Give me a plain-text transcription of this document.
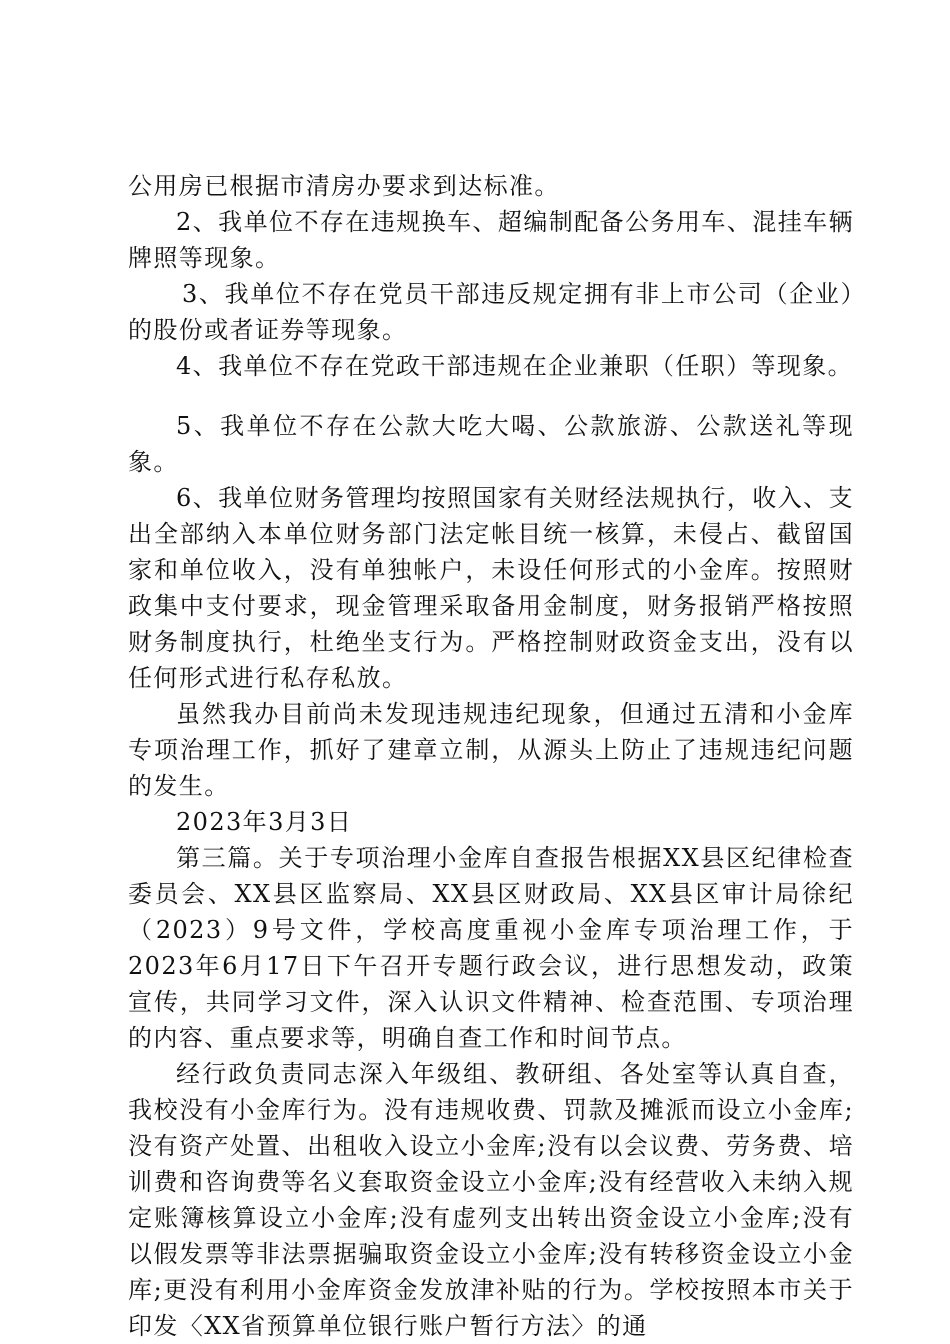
公用房已根据市清房办要求到达标准。

2、我单位不存在违规换车、超编制配备公务用车、混挂车辆牌照等现象。

3、我单位不存在党员干部违反规定拥有非上市公司（企业）的股份或者证券等现象。

4、我单位不存在党政干部违规在企业兼职（任职）等现象。

5、我单位不存在公款大吃大喝、公款旅游、公款送礼等现象。

6、我单位财务管理均按照国家有关财经法规执行，收入、支出全部纳入本单位财务部门法定帐目统一核算，未侵占、截留国家和单位收入，没有单独帐户，未设任何形式的小金库。按照财政集中支付要求，现金管理采取备用金制度，财务报销严格按照财务制度执行，杜绝坐支行为。严格控制财政资金支出，没有以任何形式进行私存私放。

虽然我办目前尚未发现违规违纪现象，但通过五清和小金库专项治理工作，抓好了建章立制，从源头上防止了违规违纪问题的发生。

2023年3月3日

第三篇。关于专项治理小金库自查报告根据XX县区纪律检查委员会、XX县区监察局、XX县区财政局、XX县区审计局徐纪（2023）9号文件，学校高度重视小金库专项治理工作，于2023年6月17日下午召开专题行政会议，进行思想发动，政策宣传，共同学习文件，深入认识文件精神、检查范围、专项治理的内容、重点要求等，明确自查工作和时间节点。

经行政负责同志深入年级组、教研组、各处室等认真自查，我校没有小金库行为。没有违规收费、罚款及摊派而设立小金库;没有资产处置、出租收入设立小金库;没有以会议费、劳务费、培训费和咨询费等名义套取资金设立小金库;没有经营收入未纳入规定账簿核算设立小金库;没有虚列支出转出资金设立小金库;没有以假发票等非法票据骗取资金设立小金库;没有转移资金设立小金库;更没有利用小金库资金发放津补贴的行为。学校按照本市关于印发〈XX省预算单位银行账户暂行方法〉的通
